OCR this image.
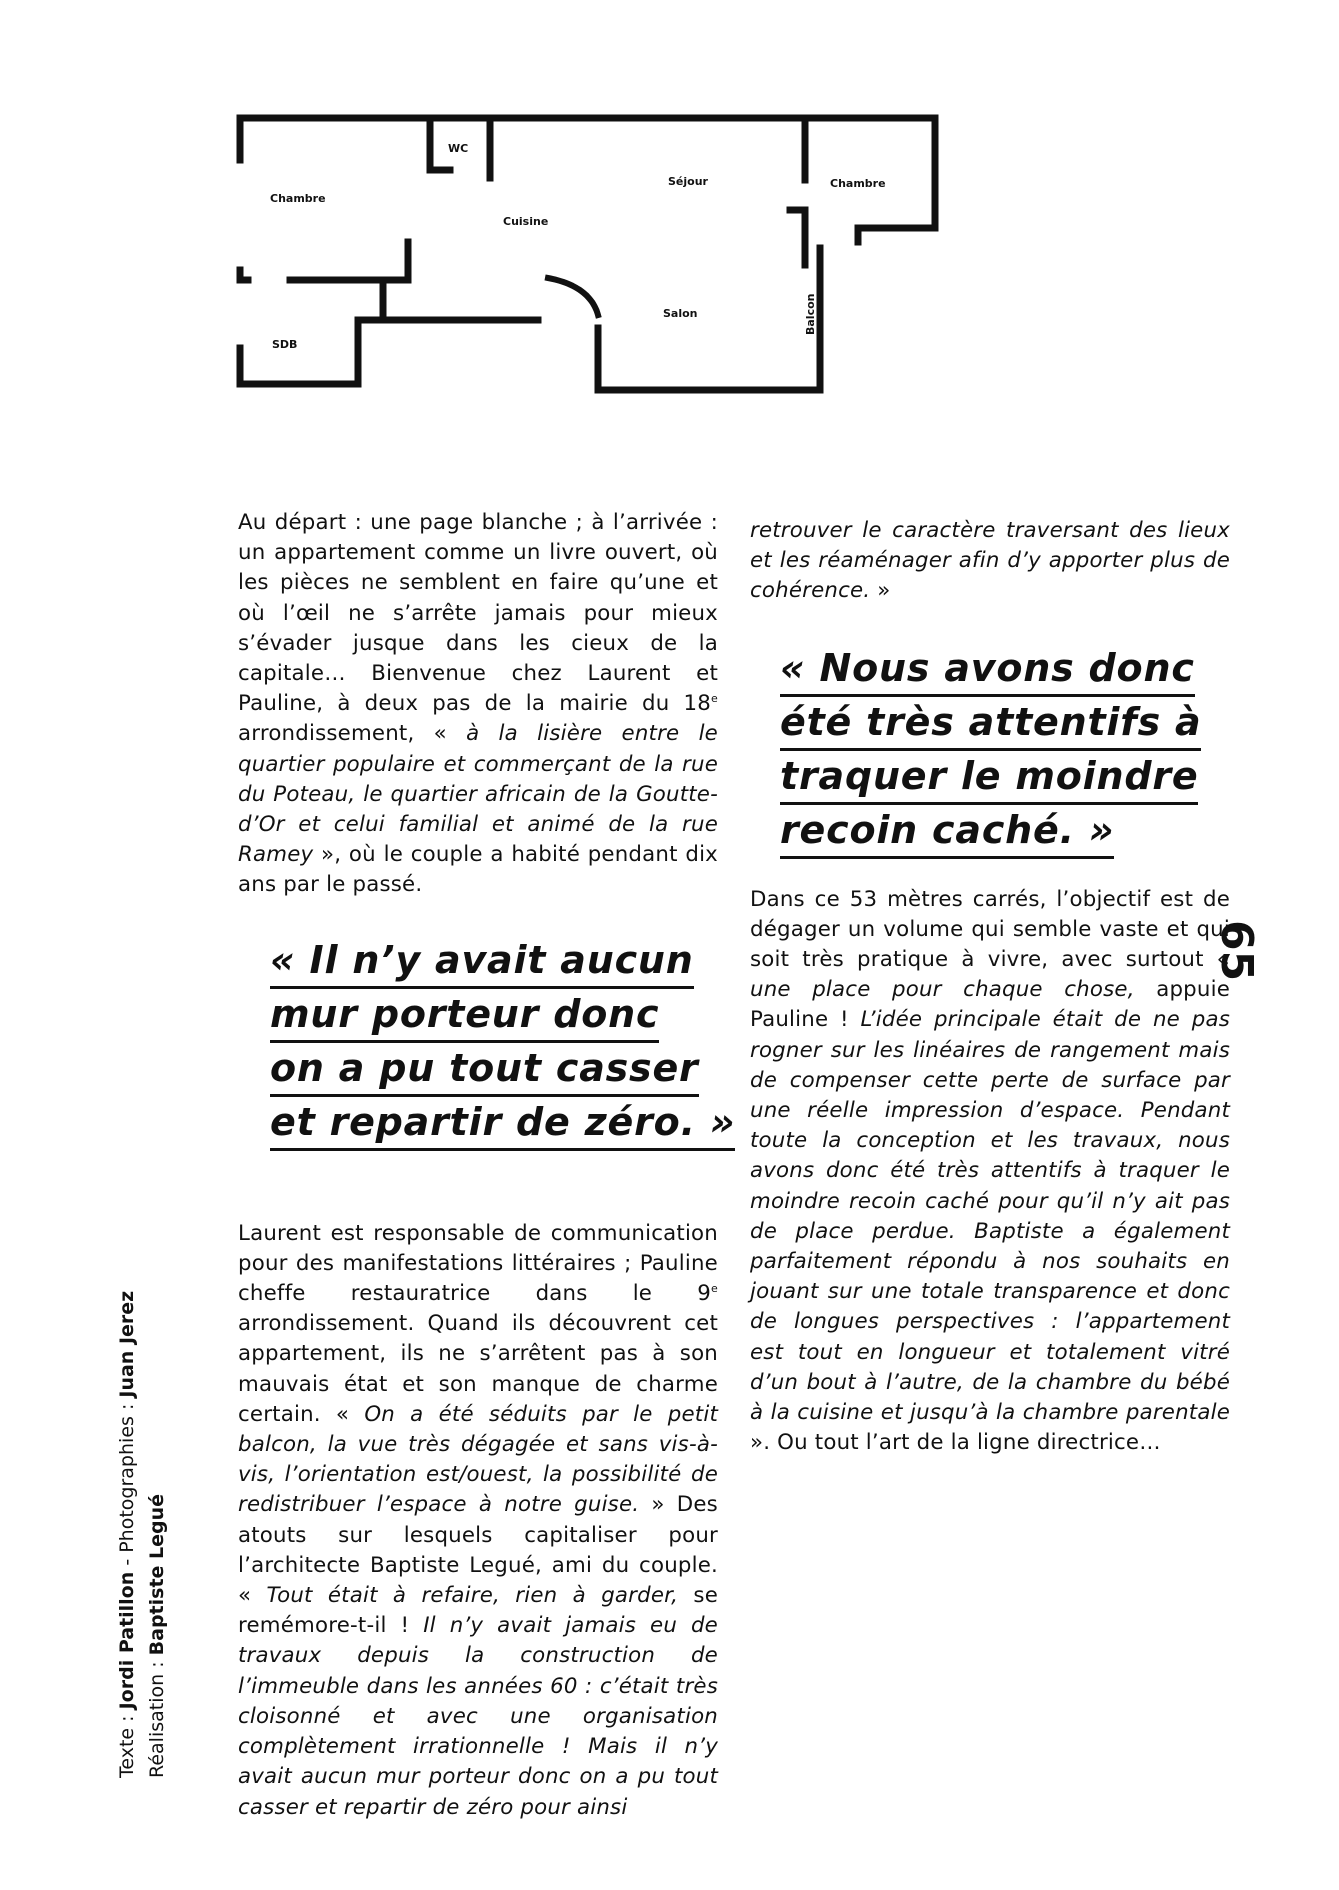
Chambre
WC
Séjour	Chambre
Cuisine
SDB
Salon	Balcon

Au départ : une page blanche ; à l’arrivée : un appartement comme un livre ouvert, où les pièces ne semblent en faire qu’une et où l’œil ne s’arrête jamais pour mieux s’évader jusque dans les cieux de la capitale… Bienvenue chez Laurent et Pauline, à deux pas de la mairie du 18e arrondissement, « à la lisière entre le quartier populaire et commerçant de la rue du Poteau, le quartier africain de la Goutte-d’Or et celui familial et animé de la rue Ramey », où le couple a habité pendant dix ans par le passé.

Laurent est responsable de communication pour des manifestations littéraires ; Pauline cheffe restauratrice dans le 9e arrondissement. Quand ils découvrent cet appartement, ils ne s’arrêtent pas à son mauvais état et son manque de charme certain. « On a été séduits par le petit balcon, la vue très dégagée et sans vis-à-vis, l’orientation est/ouest, la possibilité de redistribuer l’espace à notre guise. » Des atouts sur lesquels capitaliser pour l’architecte Baptiste Legué, ami du couple. « Tout était à refaire, rien à garder, se remémore-t-il ! Il n’y avait jamais eu de travaux depuis la construction de l’immeuble dans les années 60 : c’était très cloisonné et avec une organisation complètement irrationnelle ! Mais il n’y avait aucun mur porteur donc on a pu tout casser et repartir de zéro pour ainsi

« Il n’y avait aucun
mur porteur donc
on a pu tout casser
et repartir de zéro. »

retrouver le caractère traversant des lieux et les réaménager afin d’y apporter plus de cohérence. »

Dans ce 53 mètres carrés, l’objectif est de dégager un volume qui semble vaste et qui soit très pratique à vivre, avec surtout « une place pour chaque chose, appuie Pauline ! L’idée principale était de ne pas rogner sur les linéaires de rangement mais de compenser cette perte de surface par une réelle impression d’espace. Pendant toute la conception et les travaux, nous avons donc été très attentifs à traquer le moindre recoin caché pour qu’il n’y ait pas de place perdue. Baptiste a également parfaitement répondu à nos souhaits en jouant sur une totale transparence et donc de longues perspectives : l’appartement est tout en longueur et totalement vitré d’un bout à l’autre, de la chambre du bébé à la cuisine et jusqu’à la chambre parentale ». Ou tout l’art de la ligne directrice…

« Nous avons donc
été très attentifs à
traquer le moindre
recoin caché. »
65
Texte : Jordi Patillon - Photographies : Juan Jerez
Réalisation : Baptiste Legué
